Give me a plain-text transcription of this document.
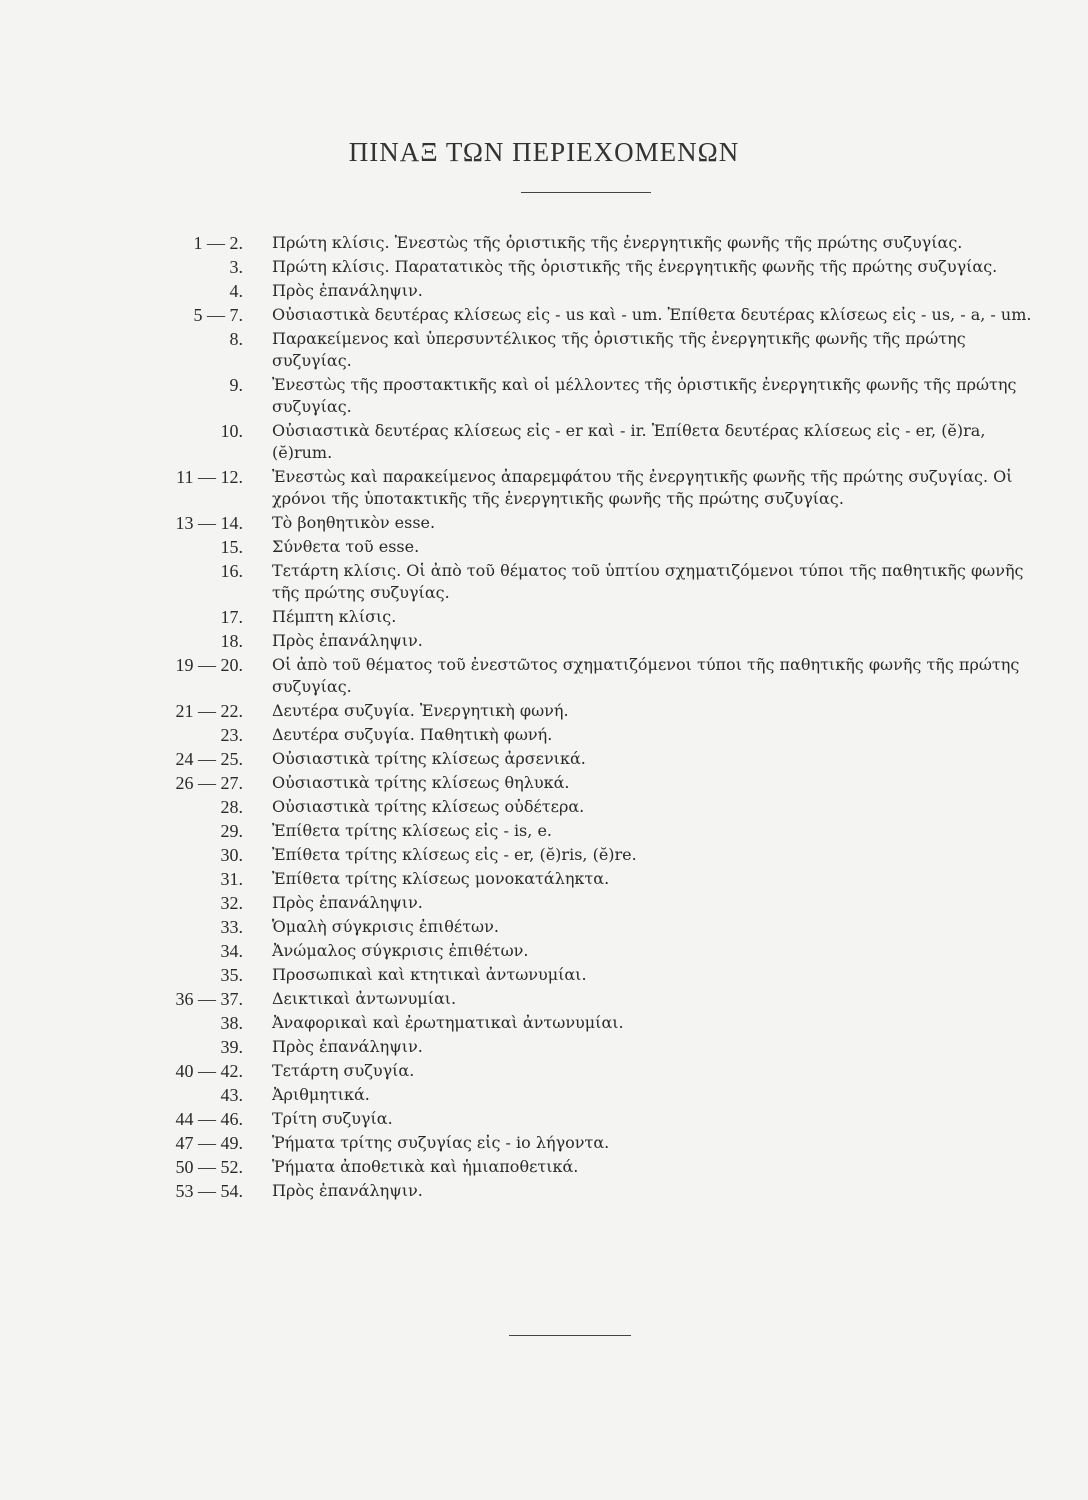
ΠΙΝΑΞ ΤΩΝ ΠΕΡΙΕΧΟΜΕΝΩΝ
1 — 2. Πρώτη κλίσις. Ἐνεστὼς τῆς ὁριστικῆς τῆς ἐνεργητικῆς φωνῆς τῆς πρώτης συζυγίας.
3. Πρώτη κλίσις. Παρατατικὸς τῆς ὁριστικῆς τῆς ἐνεργητικῆς φωνῆς τῆς πρώτης συζυγίας.
4. Πρὸς ἐπανάληψιν.
5 — 7. Οὐσιαστικὰ δευτέρας κλίσεως εἰς - us καὶ - um. Ἐπίθετα δευτέρας κλίσεως εἰς - us, - a, - um.
8. Παρακείμενος καὶ ὑπερσυντέλικος τῆς ὁριστικῆς τῆς ἐνεργητικῆς φωνῆς τῆς πρώτης συζυγίας.
9. Ἐνεστὼς τῆς προστακτικῆς καὶ οἱ μέλλοντες τῆς ὁριστικῆς ἐνεργητικῆς φωνῆς τῆς πρώτης συζυγίας.
10. Οὐσιαστικὰ δευτέρας κλίσεως εἰς - er καὶ - ir. Ἐπίθετα δευτέρας κλίσεως εἰς - er, (ĕ)ra, (ĕ)rum.
11 — 12. Ἐνεστὼς καὶ παρακείμενος ἀπαρεμφάτου τῆς ἐνεργητικῆς φωνῆς τῆς πρώτης συζυγίας. Οἱ χρόνοι τῆς ὑποτακτικῆς τῆς ἐνεργητικῆς φωνῆς τῆς πρώτης συζυγίας.
13 — 14. Τὸ βοηθητικὸν esse.
15. Σύνθετα τοῦ esse.
16. Τετάρτη κλίσις. Οἱ ἀπὸ τοῦ θέματος τοῦ ὑπτίου σχηματιζόμενοι τύποι τῆς παθητικῆς φωνῆς τῆς πρώτης συζυγίας.
17. Πέμπτη κλίσις.
18. Πρὸς ἐπανάληψιν.
19 — 20. Οἱ ἀπὸ τοῦ θέματος τοῦ ἐνεστῶτος σχηματιζόμενοι τύποι τῆς παθητικῆς φωνῆς τῆς πρώτης συζυγίας.
21 — 22. Δευτέρα συζυγία. Ἐνεργητικὴ φωνή.
23. Δευτέρα συζυγία. Παθητικὴ φωνή.
24 — 25. Οὐσιαστικὰ τρίτης κλίσεως ἀρσενικά.
26 — 27. Οὐσιαστικὰ τρίτης κλίσεως θηλυκά.
28. Οὐσιαστικὰ τρίτης κλίσεως οὐδέτερα.
29. Ἐπίθετα τρίτης κλίσεως εἰς - is, e.
30. Ἐπίθετα τρίτης κλίσεως εἰς - er, (ĕ)ris, (ĕ)re.
31. Ἐπίθετα τρίτης κλίσεως μονοκατάληκτα.
32. Πρὸς ἐπανάληψιν.
33. Ὁμαλὴ σύγκρισις ἐπιθέτων.
34. Ἀνώμαλος σύγκρισις ἐπιθέτων.
35. Προσωπικαὶ καὶ κτητικαὶ ἀντωνυμίαι.
36 — 37. Δεικτικαὶ ἀντωνυμίαι.
38. Ἀναφορικαὶ καὶ ἐρωτηματικαὶ ἀντωνυμίαι.
39. Πρὸς ἐπανάληψιν.
40 — 42. Τετάρτη συζυγία.
43. Ἀριθμητικά.
44 — 46. Τρίτη συζυγία.
47 — 49. Ῥήματα τρίτης συζυγίας εἰς - io λήγοντα.
50 — 52. Ῥήματα ἀποθετικὰ καὶ ἡμιαποθετικά.
53 — 54. Πρὸς ἐπανάληψιν.
